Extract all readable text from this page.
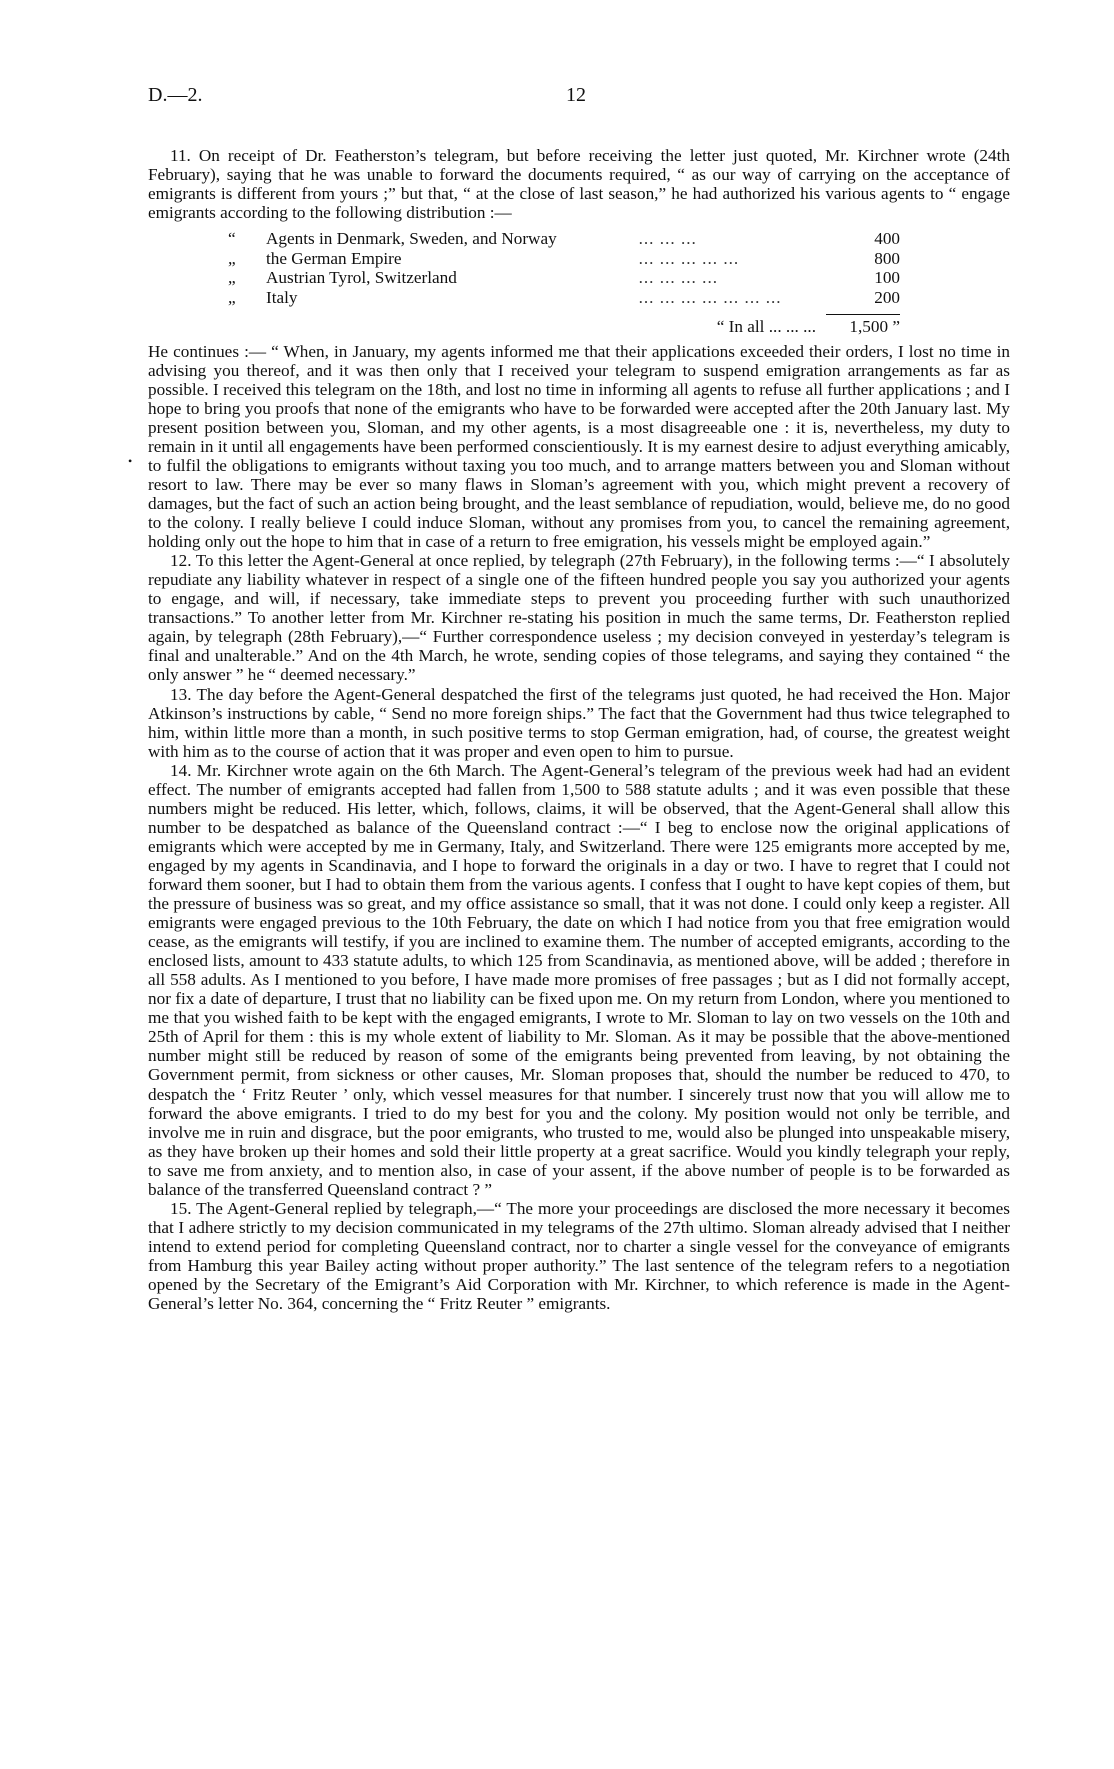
D.—2.	12
•

11. On receipt of Dr. Featherston’s telegram, but before receiving the letter just quoted, Mr. Kirchner wrote (24th February), saying that he was unable to forward the documents required, “ as our way of carrying on the acceptance of emigrants is different from yours ;” but that, “ at the close of last season,” he had authorized his various agents to “ engage emigrants according to the following distribution :—

“	Agents in Denmark, Sweden, and Norway	... ... ...	400
„	the German Empire	... ... ... ... ...	800
„	Austrian Tyrol, Switzerland	... ... ... ...	100
„	Italy	... ... ... ... ... ... ...	200

“ In all ... ... ...			1,500 ”

He continues :— “ When, in January, my agents informed me that their applications exceeded their orders, I lost no time in advising you thereof, and it was then only that I received your telegram to suspend emigration arrangements as far as possible. I received this telegram on the 18th, and lost no time in informing all agents to refuse all further applications ; and I hope to bring you proofs that none of the emigrants who have to be forwarded were accepted after the 20th January last. My present position between you, Sloman, and my other agents, is a most disagreeable one : it is, nevertheless, my duty to remain in it until all engagements have been performed conscientiously. It is my earnest desire to adjust everything amicably, to fulfil the obligations to emigrants without taxing you too much, and to arrange matters between you and Sloman without resort to law. There may be ever so many flaws in Sloman’s agreement with you, which might prevent a recovery of damages, but the fact of such an action being brought, and the least semblance of repudiation, would, believe me, do no good to the colony. I really believe I could induce Sloman, without any promises from you, to cancel the remaining agreement, holding only out the hope to him that in case of a return to free emigration, his vessels might be employed again.”

12. To this letter the Agent-General at once replied, by telegraph (27th February), in the following terms :—“ I absolutely repudiate any liability whatever in respect of a single one of the fifteen hundred people you say you authorized your agents to engage, and will, if necessary, take immediate steps to prevent you proceeding further with such unauthorized transactions.” To another letter from Mr. Kirchner re-stating his position in much the same terms, Dr. Featherston replied again, by telegraph (28th February),—“ Further correspondence useless ; my decision conveyed in yesterday’s telegram is final and unalterable.” And on the 4th March, he wrote, sending copies of those telegrams, and saying they contained “ the only answer ” he “ deemed necessary.”

13. The day before the Agent-General despatched the first of the telegrams just quoted, he had received the Hon. Major Atkinson’s instructions by cable, “ Send no more foreign ships.” The fact that the Government had thus twice telegraphed to him, within little more than a month, in such positive terms to stop German emigration, had, of course, the greatest weight with him as to the course of action that it was proper and even open to him to pursue.

14. Mr. Kirchner wrote again on the 6th March. The Agent-General’s telegram of the previous week had had an evident effect. The number of emigrants accepted had fallen from 1,500 to 588 statute adults ; and it was even possible that these numbers might be reduced. His letter, which, follows, claims, it will be observed, that the Agent-General shall allow this number to be despatched as balance of the Queensland contract :—“ I beg to enclose now the original applications of emigrants which were accepted by me in Germany, Italy, and Switzerland. There were 125 emigrants more accepted by me, engaged by my agents in Scandinavia, and I hope to forward the originals in a day or two. I have to regret that I could not forward them sooner, but I had to obtain them from the various agents. I confess that I ought to have kept copies of them, but the pressure of business was so great, and my office assistance so small, that it was not done. I could only keep a register. All emigrants were engaged previous to the 10th February, the date on which I had notice from you that free emigration would cease, as the emigrants will testify, if you are inclined to examine them. The number of accepted emigrants, according to the enclosed lists, amount to 433 statute adults, to which 125 from Scandinavia, as mentioned above, will be added ; therefore in all 558 adults. As I mentioned to you before, I have made more promises of free passages ; but as I did not formally accept, nor fix a date of departure, I trust that no liability can be fixed upon me. On my return from London, where you mentioned to me that you wished faith to be kept with the engaged emigrants, I wrote to Mr. Sloman to lay on two vessels on the 10th and 25th of April for them : this is my whole extent of liability to Mr. Sloman. As it may be possible that the above-mentioned number might still be reduced by reason of some of the emigrants being prevented from leaving, by not obtaining the Government permit, from sickness or other causes, Mr. Sloman proposes that, should the number be reduced to 470, to despatch the ‘ Fritz Reuter ’ only, which vessel measures for that number. I sincerely trust now that you will allow me to forward the above emigrants. I tried to do my best for you and the colony. My position would not only be terrible, and involve me in ruin and disgrace, but the poor emigrants, who trusted to me, would also be plunged into unspeakable misery, as they have broken up their homes and sold their little property at a great sacrifice. Would you kindly telegraph your reply, to save me from anxiety, and to mention also, in case of your assent, if the above number of people is to be forwarded as balance of the transferred Queensland contract ? ”

15. The Agent-General replied by telegraph,—“ The more your proceedings are disclosed the more necessary it becomes that I adhere strictly to my decision communicated in my telegrams of the 27th ultimo. Sloman already advised that I neither intend to extend period for completing Queensland contract, nor to charter a single vessel for the conveyance of emigrants from Hamburg this year Bailey acting without proper authority.” The last sentence of the telegram refers to a negotiation opened by the Secretary of the Emigrant’s Aid Corporation with Mr. Kirchner, to which reference is made in the Agent-General’s letter No. 364, concerning the “ Fritz Reuter ” emigrants.
